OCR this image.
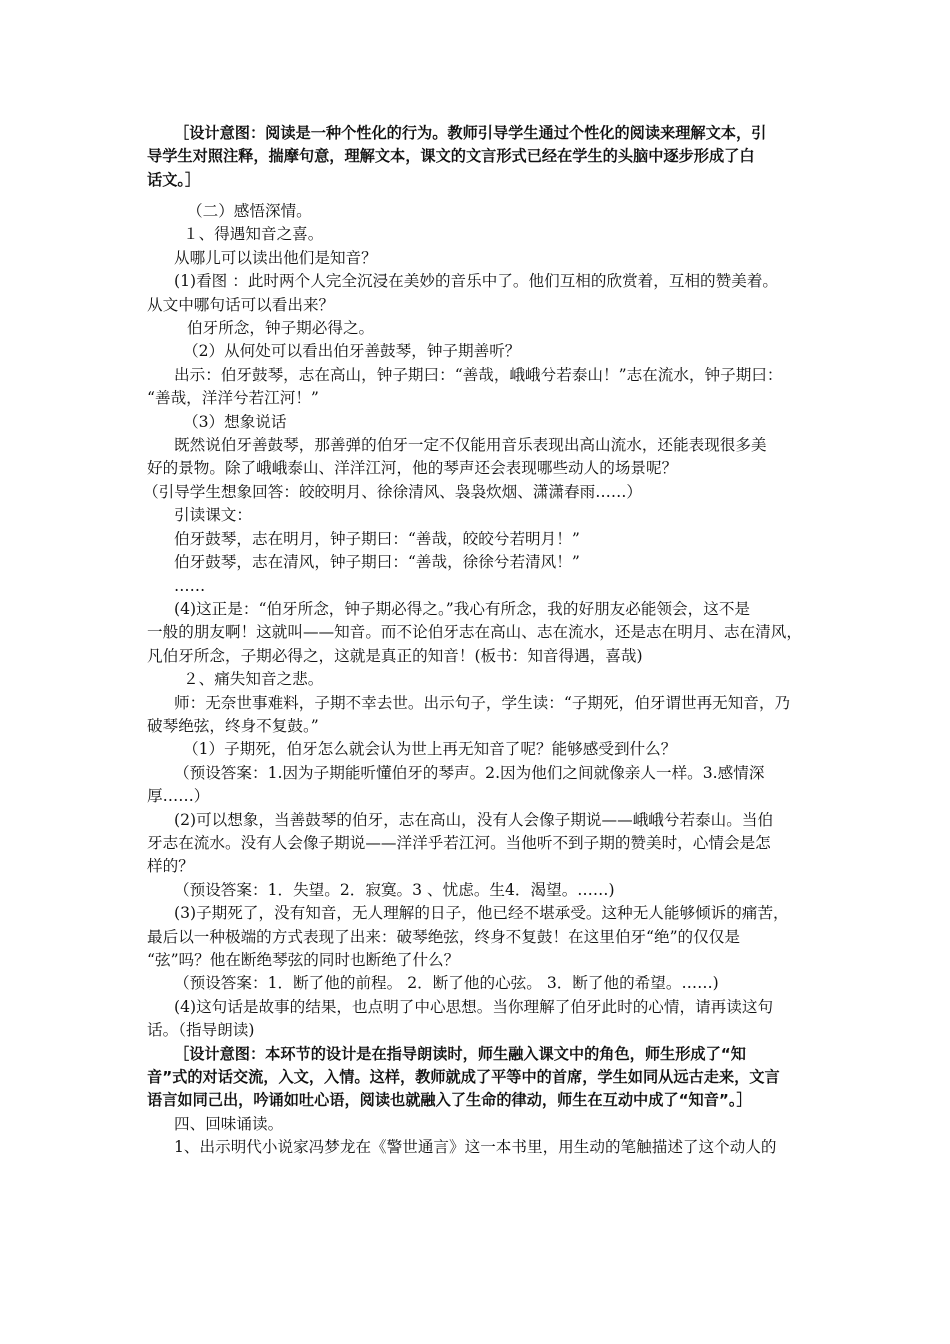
［设计意图：阅读是一种个性化的行为。教师引导学生通过个性化的阅读来理解文本，引
导学生对照注释，揣摩句意，理解文本，课文的文言形式已经在学生的头脑中逐步形成了白
话文。］

（二）感悟深情。

１、得遇知音之喜。

从哪儿可以读出他们是知音？

(1)看图 ：此时两个人完全沉浸在美妙的音乐中了。他们互相的欣赏着，互相的赞美着。
从文中哪句话可以看出来？

伯牙所念，钟子期必得之。

（2）从何处可以看出伯牙善鼓琴，钟子期善听？

出示：伯牙鼓琴，志在高山，钟子期曰：“善哉，峨峨兮若泰山！”志在流水，钟子期曰：
“善哉，洋洋兮若江河！”

（3）想象说话

既然说伯牙善鼓琴，那善弹的伯牙一定不仅能用音乐表现出高山流水，还能表现很多美
好的景物。除了峨峨泰山、洋洋江河，他的琴声还会表现哪些动人的场景呢？

（引导学生想象回答：皎皎明月、徐徐清风、袅袅炊烟、潇潇春雨……）

引读课文：

伯牙鼓琴，志在明月，钟子期曰：“善哉，皎皎兮若明月！”

伯牙鼓琴，志在清风，钟子期曰：“善哉，徐徐兮若清风！”

……

(4)这正是：“伯牙所念，钟子期必得之。”我心有所念，我的好朋友必能领会，这不是
一般的朋友啊！这就叫——知音。而不论伯牙志在高山、志在流水，还是志在明月、志在清风，
凡伯牙所念，子期必得之，这就是真正的知音！(板书：知音得遇，喜哉)

２、痛失知音之悲。

师：无奈世事难料，子期不幸去世。出示句子，学生读：“子期死，伯牙谓世再无知音，乃
破琴绝弦，终身不复鼓。”

（1）子期死，伯牙怎么就会认为世上再无知音了呢？能够感受到什么？

（预设答案：1.因为子期能听懂伯牙的琴声。2.因为他们之间就像亲人一样。3.感情深
厚……）

(2)可以想象，当善鼓琴的伯牙，志在高山，没有人会像子期说——峨峨兮若泰山。当伯
牙志在流水。没有人会像子期说——洋洋乎若江河。当他听不到子期的赞美时，心情会是怎
样的？

（预设答案：1．失望。2．寂寞。3 、忧虑。生4．渴望。……)

(3)子期死了，没有知音，无人理解的日子，他已经不堪承受。这种无人能够倾诉的痛苦，
最后以一种极端的方式表现了出来：破琴绝弦，终身不复鼓！在这里伯牙“绝”的仅仅是
“弦”吗？他在断绝琴弦的同时也断绝了什么？

（预设答案：1．断了他的前程。 2．断了他的心弦。 3．断了他的希望。……)

(4)这句话是故事的结果，也点明了中心思想。当你理解了伯牙此时的心情，请再读这句
话。（指导朗读)

［设计意图：本环节的设计是在指导朗读时，师生融入课文中的角色，师生形成了“知
音”式的对话交流，入文，入情。这样，教师就成了平等中的首席，学生如同从远古走来，文言
语言如同己出，吟诵如吐心语，阅读也就融入了生命的律动，师生在互动中成了“知音”。］

四、回味诵读。

1、出示明代小说家冯梦龙在《警世通言》这一本书里，用生动的笔触描述了这个动人的
